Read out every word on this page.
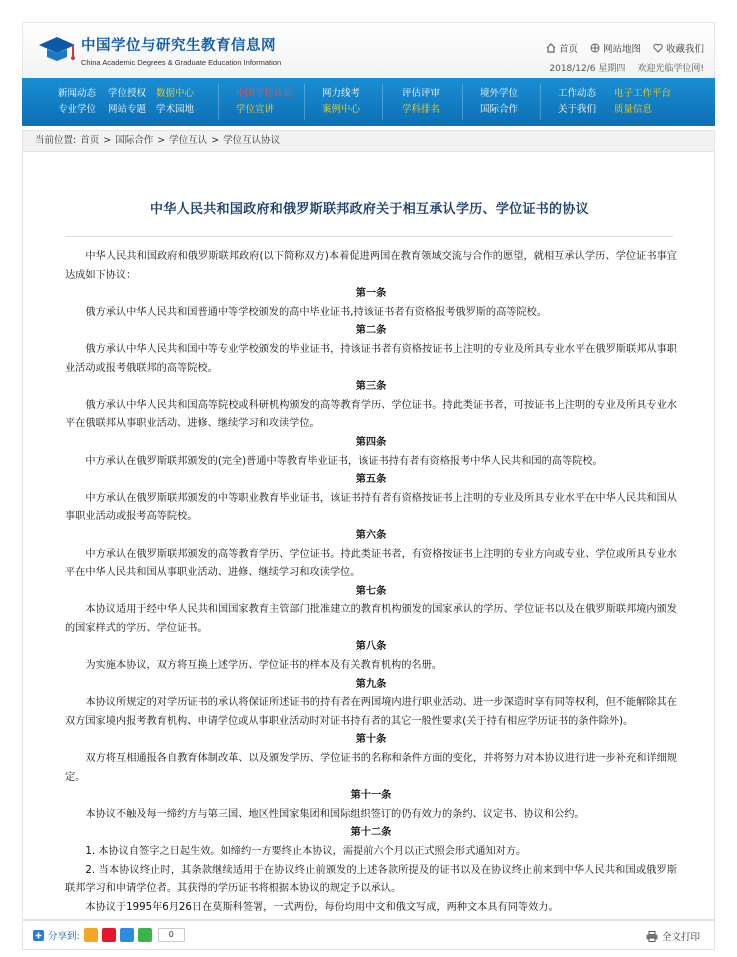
中国学位与研究生教育信息网
China Academic Degrees & Graduate Education Information
首页	网站地图	收藏我们
2018/12/6 星期四 欢迎光临学位网!
新闻动态
专业学位
学位授权
网站专题
数据中心
学术园地
中国学位认证
学位宣讲
网力线考
案例中心
评估评审
学科排名
境外学位
国际合作
工作动态
关于我们
电子工作平台
质量信息
当前位置: 首页 > 国际合作 > 学位互认 > 学位互认协议
中华人民共和国政府和俄罗斯联邦政府关于相互承认学历、学位证书的协议

中华人民共和国政府和俄罗斯联邦政府(以下简称双方)本着促进两国在教育领域交流与合作的愿望，就相互承认学历、学位证书事宜达成如下协议：

第一条

俄方承认中华人民共和国普通中等学校颁发的高中毕业证书,持该证书者有资格报考俄罗斯的高等院校。

第二条

俄方承认中华人民共和国中等专业学校颁发的毕业证书，持该证书者有资格按证书上注明的专业及所具专业水平在俄罗斯联邦从事职业活动或报考俄联邦的高等院校。

第三条

俄方承认中华人民共和国高等院校或科研机构颁发的高等教育学历、学位证书。持此类证书者，可按证书上注明的专业及所具专业水平在俄联邦从事职业活动、进修、继续学习和攻读学位。

第四条

中方承认在俄罗斯联邦颁发的(完全)普通中等教育毕业证书，该证书持有者有资格报考中华人民共和国的高等院校。

第五条

中方承认在俄罗斯联邦颁发的中等职业教育毕业证书，该证书持有者有资格按证书上注明的专业及所具专业水平在中华人民共和国从事职业活动或报考高等院校。

第六条

中方承认在俄罗斯联邦颁发的高等教育学历、学位证书。持此类证书者，有资格按证书上注明的专业方向或专业、学位或所具专业水平在中华人民共和国从事职业活动、进修、继续学习和攻读学位。

第七条

本协议适用于经中华人民共和国国家教育主管部门批准建立的教育机构颁发的国家承认的学历、学位证书以及在俄罗斯联邦境内颁发的国家样式的学历、学位证书。

第八条

为实施本协议，双方将互换上述学历、学位证书的样本及有关教育机构的名册。

第九条

本协议所规定的对学历证书的承认将保证所述证书的持有者在两国境内进行职业活动、进一步深造时享有同等权利，但不能解除其在双方国家境内报考教育机构、申请学位或从事职业活动时对证书持有者的其它一般性要求(关于持有相应学历证书的条件除外)。

第十条

双方将互相通报各自教育体制改革、以及颁发学历、学位证书的名称和条件方面的变化，并将努力对本协议进行进一步补充和详细规定。

第十一条

本协议不触及每一缔约方与第三国、地区性国家集团和国际组织签订的仍有效力的条约、议定书、协议和公约。

第十二条

1. 本协议自签字之日起生效。如缔约一方要终止本协议，需提前六个月以正式照会形式通知对方。

2. 当本协议终止时，其条款继续适用于在协议终止前颁发的上述各款所提及的证书以及在协议终止前来到中华人民共和国或俄罗斯联邦学习和申请学位者。其获得的学历证书将根据本协议的规定予以承认。

本协议于1995年6月26日在莫斯科签署，一式两份，每份均用中文和俄文写成，两种文本具有同等效力。

分享到:	0	全文打印
